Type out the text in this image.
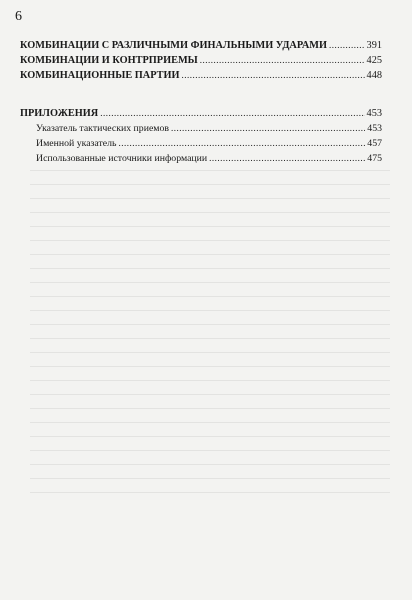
6
КОМБИНАЦИИ С РАЗЛИЧНЫМИ ФИНАЛЬНЫМИ УДАРАМИ .....	391
КОМБИНАЦИИ И КОНТРПРИЕМЫ .....	425
КОМБИНАЦИОННЫЕ ПАРТИИ .....	448
ПРИЛОЖЕНИЯ .....	453
Указатель тактических приемов .....	453
Именной указатель .....	457
Использованные источники информации .....	475
